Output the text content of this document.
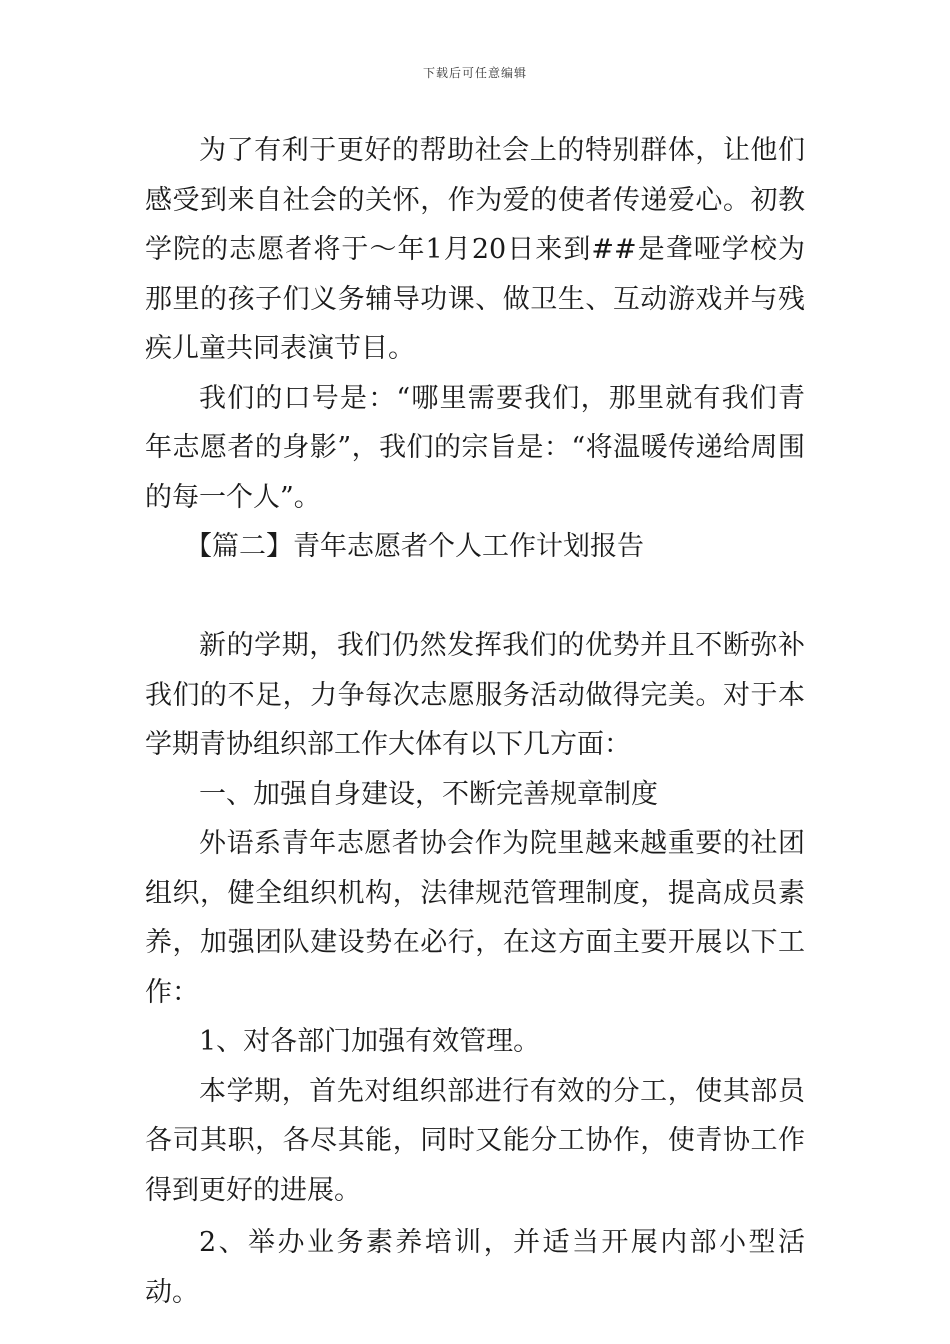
下载后可任意编辑

为了有利于更好的帮助社会上的特别群体，让他们感受到来自社会的关怀，作为爱的使者传递爱心。初教学院的志愿者将于～年1月20日来到##是聋哑学校为那里的孩子们义务辅导功课、做卫生、互动游戏并与残疾儿童共同表演节目。

我们的口号是：“哪里需要我们，那里就有我们青年志愿者的身影”，我们的宗旨是：“将温暖传递给周围的每一个人”。

【篇二】青年志愿者个人工作计划报告

新的学期，我们仍然发挥我们的优势并且不断弥补我们的不足，力争每次志愿服务活动做得完美。对于本学期青协组织部工作大体有以下几方面：

一、加强自身建设，不断完善规章制度

外语系青年志愿者协会作为院里越来越重要的社团组织，健全组织机构，法律规范管理制度，提高成员素养，加强团队建设势在必行，在这方面主要开展以下工作：

1、对各部门加强有效管理。

本学期，首先对组织部进行有效的分工，使其部员各司其职，各尽其能，同时又能分工协作，使青协工作得到更好的进展。

2、举办业务素养培训，并适当开展内部小型活动。
